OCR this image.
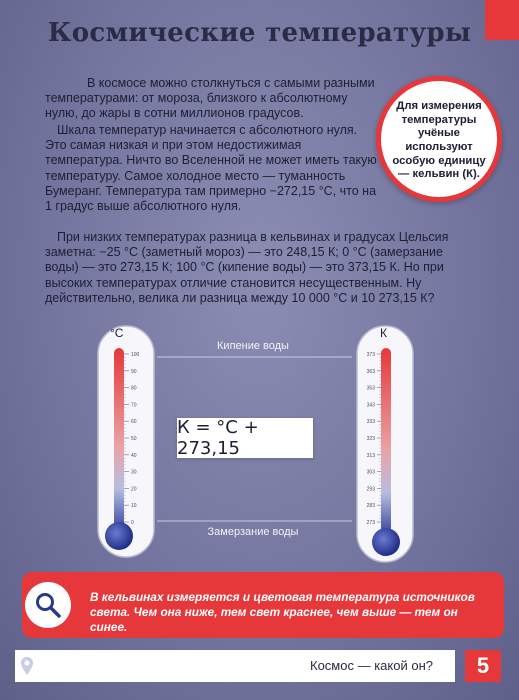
Космические температуры

В космосе можно столкнуться с самыми разными температурами: от мороза, близкого к абсолютному нулю, до жары в сотни миллионов градусов.

Шкала температур начинается с абсолютного нуля. Это самая низкая и при этом недостижимая температура. Ничто во Вселенной не может иметь такую температуру. Самое холодное место — туманность Бумеранг. Температура там примерно −272,15 °С, что на 1 градус выше абсолютного нуля.

При низких температурах разница в кельвинах и градусах Цельсия заметна: −25 °С (заметный мороз) — это 248,15 К; 0 °С (замерзание воды) — это 273,15 К; 100 °С (кипение воды) — это 373,15 К. Но при высоких температурах отличие становится несущественным. Ну действительно, велика ли разница между 10 000 °С и 10 273,15 К?

Для измерения температуры учёные используют особую единицу — кельвин (К).
100
90
80
70
60
50
40
30
20
10
0
°С
373
363
353
343
333
323
313
303
293
283
273
К
Кипение воды
К = °С + 273,15
Замерзание воды
В кельвинах измеряется и цветовая температура источников света. Чем она ниже, тем свет краснее, чем выше — тем он синее.
Космос — какой он?	5
